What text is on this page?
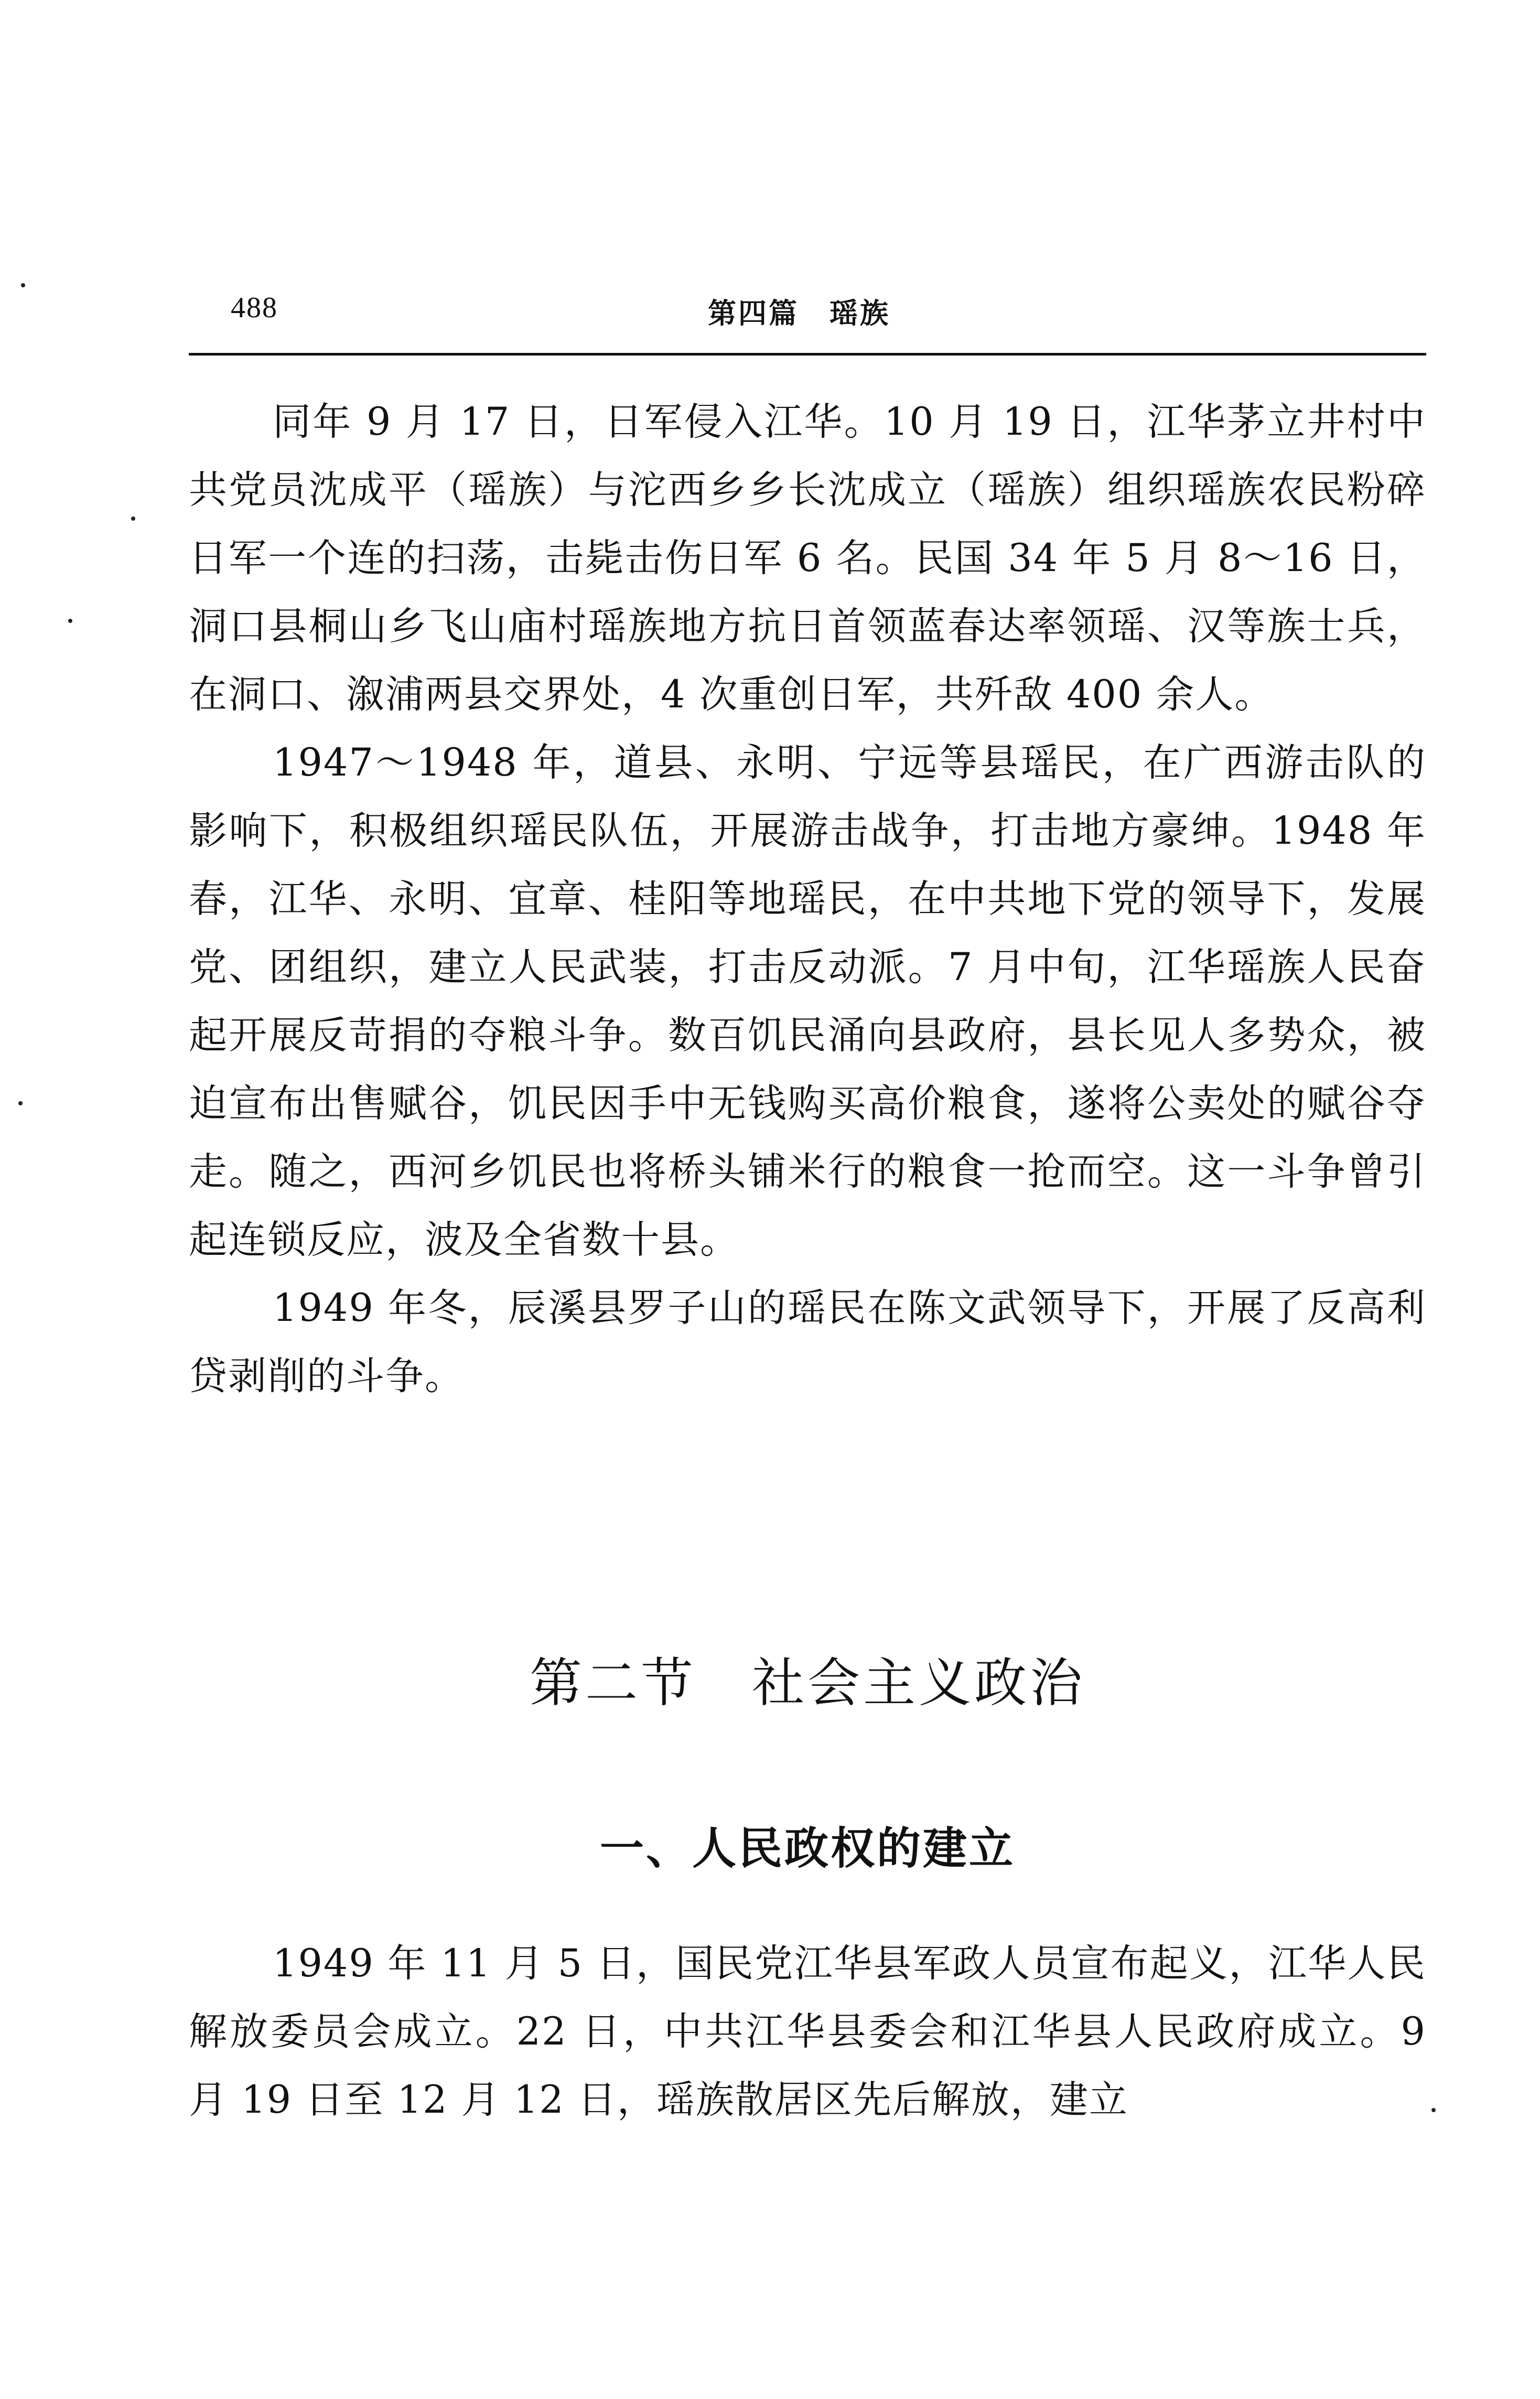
488	第四篇　瑶族

同年 9 月 17 日，日军侵入江华。10 月 19 日，江华茅立井村中共党员沈成平（瑶族）与沱西乡乡长沈成立（瑶族）组织瑶族农民粉碎日军一个连的扫荡，击毙击伤日军 6 名。民国 34 年 5 月 8～16 日，洞口县桐山乡飞山庙村瑶族地方抗日首领蓝春达率领瑶、汉等族士兵，在洞口、溆浦两县交界处，4 次重创日军，共歼敌 400 余人。

1947～1948 年，道县、永明、宁远等县瑶民，在广西游击队的影响下，积极组织瑶民队伍，开展游击战争，打击地方豪绅。1948 年春，江华、永明、宜章、桂阳等地瑶民，在中共地下党的领导下，发展党、团组织，建立人民武装，打击反动派。7 月中旬，江华瑶族人民奋起开展反苛捐的夺粮斗争。数百饥民涌向县政府，县长见人多势众，被迫宣布出售赋谷，饥民因手中无钱购买高价粮食，遂将公卖处的赋谷夺走。随之，西河乡饥民也将桥头铺米行的粮食一抢而空。这一斗争曾引起连锁反应，波及全省数十县。

1949 年冬，辰溪县罗子山的瑶民在陈文武领导下，开展了反高利贷剥削的斗争。

第二节　社会主义政治
一、人民政权的建立

1949 年 11 月 5 日，国民党江华县军政人员宣布起义，江华人民解放委员会成立。22 日，中共江华县委会和江华县人民政府成立。9 月 19 日至 12 月 12 日，瑶族散居区先后解放，建立
